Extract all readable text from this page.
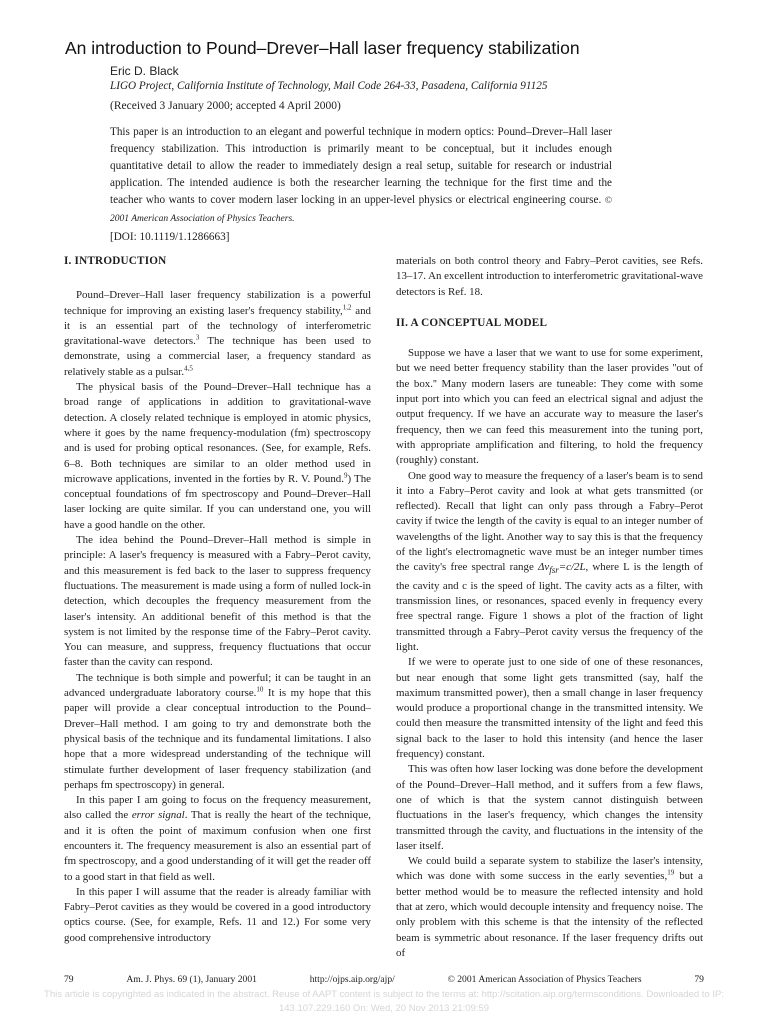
An introduction to Pound–Drever–Hall laser frequency stabilization
Eric D. Black
LIGO Project, California Institute of Technology, Mail Code 264-33, Pasadena, California 91125
(Received 3 January 2000; accepted 4 April 2000)
This paper is an introduction to an elegant and powerful technique in modern optics: Pound–Drever–Hall laser frequency stabilization. This introduction is primarily meant to be conceptual, but it includes enough quantitative detail to allow the reader to immediately design a real setup, suitable for research or industrial application. The intended audience is both the researcher learning the technique for the first time and the teacher who wants to cover modern laser locking in an upper-level physics or electrical engineering course. © 2001 American Association of Physics Teachers.
[DOI: 10.1119/1.1286663]
I. INTRODUCTION

Pound–Drever–Hall laser frequency stabilization is a powerful technique for improving an existing laser's frequency stability,$^{1,2}$ and it is an essential part of the technology of interferometric gravitational-wave detectors.$^3$ The technique has been used to demonstrate, using a commercial laser, a frequency standard as relatively stable as a pulsar.$^{4,5}$

The physical basis of the Pound–Drever–Hall technique has a broad range of applications in addition to gravitational-wave detection. A closely related technique is employed in atomic physics, where it goes by the name frequency-modulation (fm) spectroscopy and is used for probing optical resonances. (See, for example, Refs. 6–8. Both techniques are similar to an older method used in microwave applications, invented in the forties by R. V. Pound.$^9$) The conceptual foundations of fm spectroscopy and Pound–Drever–Hall laser locking are quite similar. If you can understand one, you will have a good handle on the other.

The idea behind the Pound–Drever–Hall method is simple in principle: A laser's frequency is measured with a Fabry–Perot cavity, and this measurement is fed back to the laser to suppress frequency fluctuations. The measurement is made using a form of nulled lock-in detection, which decouples the frequency measurement from the laser's intensity. An additional benefit of this method is that the system is not limited by the response time of the Fabry–Perot cavity. You can measure, and suppress, frequency fluctuations that occur faster than the cavity can respond.

The technique is both simple and powerful; it can be taught in an advanced undergraduate laboratory course.$^{10}$ It is my hope that this paper will provide a clear conceptual introduction to the Pound–Drever–Hall method. I am going to try and demonstrate both the physical basis of the technique and its fundamental limitations. I also hope that a more widespread understanding of the technique will stimulate further development of laser frequency stabilization (and perhaps fm spectroscopy) in general.

In this paper I am going to focus on the frequency measurement, also called the error signal. That is really the heart of the technique, and it is often the point of maximum confusion when one first encounters it. The frequency measurement is also an essential part of fm spectroscopy, and a good understanding of it will get the reader off to a good start in that field as well.

In this paper I will assume that the reader is already familiar with Fabry–Perot cavities as they would be covered in a good introductory optics course. (See, for example, Refs. 11 and 12.) For some very good comprehensive introductory

materials on both control theory and Fabry–Perot cavities, see Refs. 13–17. An excellent introduction to interferometric gravitational-wave detectors is Ref. 18.

II. A CONCEPTUAL MODEL

Suppose we have a laser that we want to use for some experiment, but we need better frequency stability than the laser provides ''out of the box.'' Many modern lasers are tuneable: They come with some input port into which you can feed an electrical signal and adjust the output frequency. If we have an accurate way to measure the laser's frequency, then we can feed this measurement into the tuning port, with appropriate amplification and filtering, to hold the frequency (roughly) constant.

One good way to measure the frequency of a laser's beam is to send it into a Fabry–Perot cavity and look at what gets transmitted (or reflected). Recall that light can only pass through a Fabry–Perot cavity if twice the length of the cavity is equal to an integer number of wavelengths of the light. Another way to say this is that the frequency of the light's electromagnetic wave must be an integer number times the cavity's free spectral range $\Delta\nu_{fsr}=c/2L$, where L is the length of the cavity and c is the speed of light. The cavity acts as a filter, with transmission lines, or resonances, spaced evenly in frequency every free spectral range. Figure 1 shows a plot of the fraction of light transmitted through a Fabry–Perot cavity versus the frequency of the light.

If we were to operate just to one side of one of these resonances, but near enough that some light gets transmitted (say, half the maximum transmitted power), then a small change in laser frequency would produce a proportional change in the transmitted intensity. We could then measure the transmitted intensity of the light and feed this signal back to the laser to hold this intensity (and hence the laser frequency) constant.

This was often how laser locking was done before the development of the Pound–Drever–Hall method, and it suffers from a few flaws, one of which is that the system cannot distinguish between fluctuations in the laser's frequency, which changes the intensity transmitted through the cavity, and fluctuations in the intensity of the laser itself.

We could build a separate system to stabilize the laser's intensity, which was done with some success in the early seventies,$^{19}$ but a better method would be to measure the reflected intensity and hold that at zero, which would decouple intensity and frequency noise. The only problem with this scheme is that the intensity of the reflected beam is symmetric about resonance. If the laser frequency drifts out of

79	Am. J. Phys. 69 (1), January 2001	http://ojps.aip.org/ajp/	© 2001 American Association of Physics Teachers	79
This article is copyrighted as indicated in the abstract. Reuse of AAPT content is subject to the terms at: http://scitation.aip.org/termsconditions. Downloaded to IP:
143.107.229.160 On: Wed, 20 Nov 2013 21:09:59
